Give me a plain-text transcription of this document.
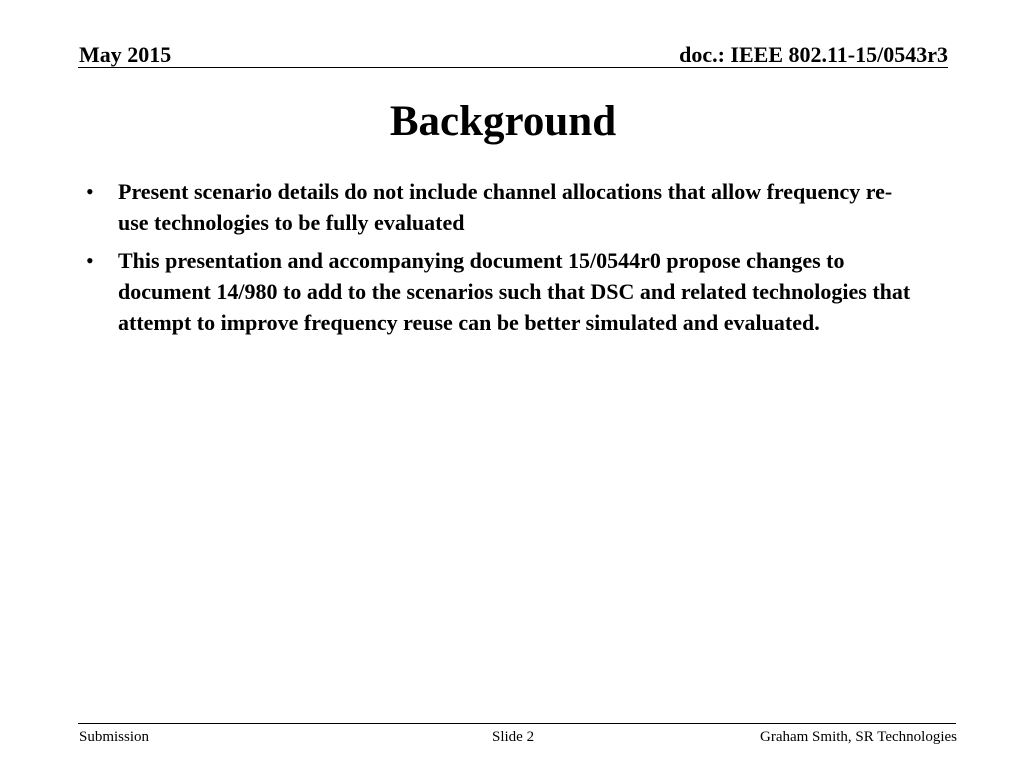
May 2015	doc.: IEEE 802.11-15/0543r3
Background
• Present scenario details do not include channel allocations that allow frequency re-use technologies to be fully evaluated
• This presentation and accompanying document 15/0544r0 propose changes to document 14/980 to add to the scenarios such that DSC and related technologies that attempt to improve frequency reuse can be better simulated and evaluated.
Submission	Slide 2	Graham Smith, SR Technologies
